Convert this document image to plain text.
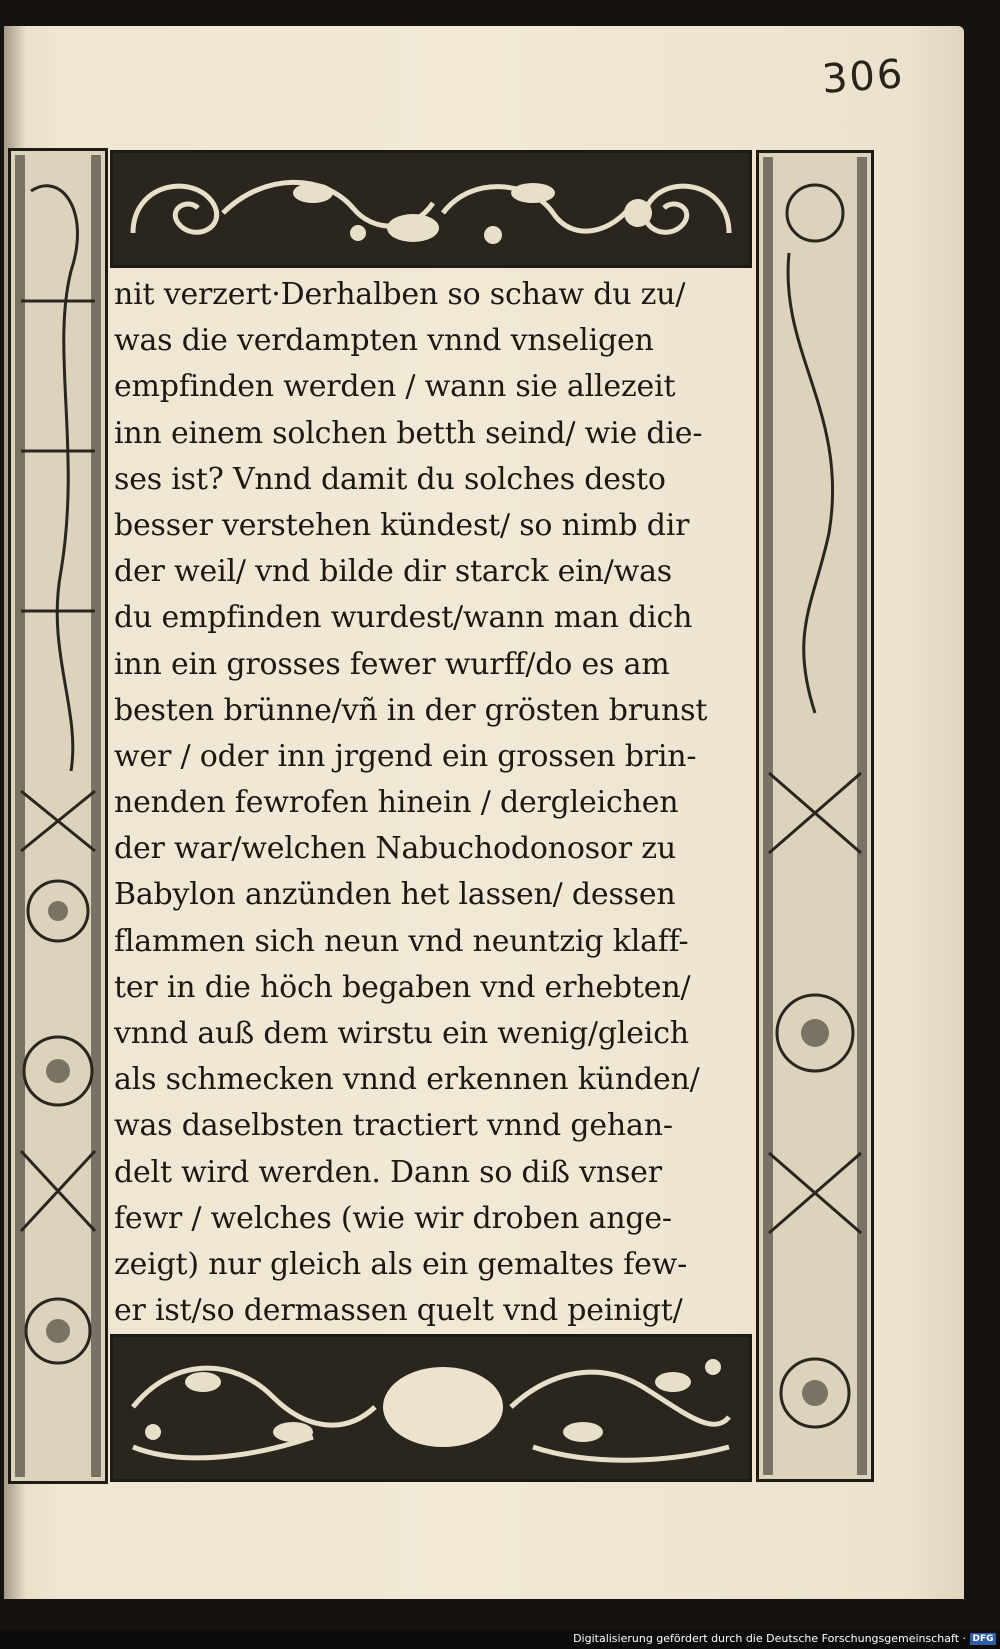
306
nit verzert·Derhalben so schaw du zu/
was die verdampten vnnd vnseligen
empfinden werden / wann sie allezeit
inn einem solchen betth seind/ wie die-
ses ist? Vnnd damit du solches desto
besser verstehen kündest/ so nimb dir
der weil/ vnd bilde dir starck ein/was
du empfinden wurdest/wann man dich
inn ein grosses fewer wurff/do es am
besten brünne/vñ in der grösten brunst
wer / oder inn jrgend ein grossen brin-
nenden fewrofen hinein / dergleichen
der war/welchen Nabuchodonosor zu
Babylon anzünden het lassen/ dessen
flammen sich neun vnd neuntzig klaff-
ter in die höch begaben vnd erhebten/
vnnd auß dem wirstu ein wenig/gleich
als schmecken vnnd erkennen künden/
was daselbsten tractiert vnnd gehan-
delt wird werden. Dann so diß vnser
fewr / welches (wie wir droben ange-
zeigt) nur gleich als ein gemaltes few-
er ist/so dermassen quelt vnd peinigt/
Digitalisierung gefördert durch die Deutsche Forschungsgemeinschaft · DFG
